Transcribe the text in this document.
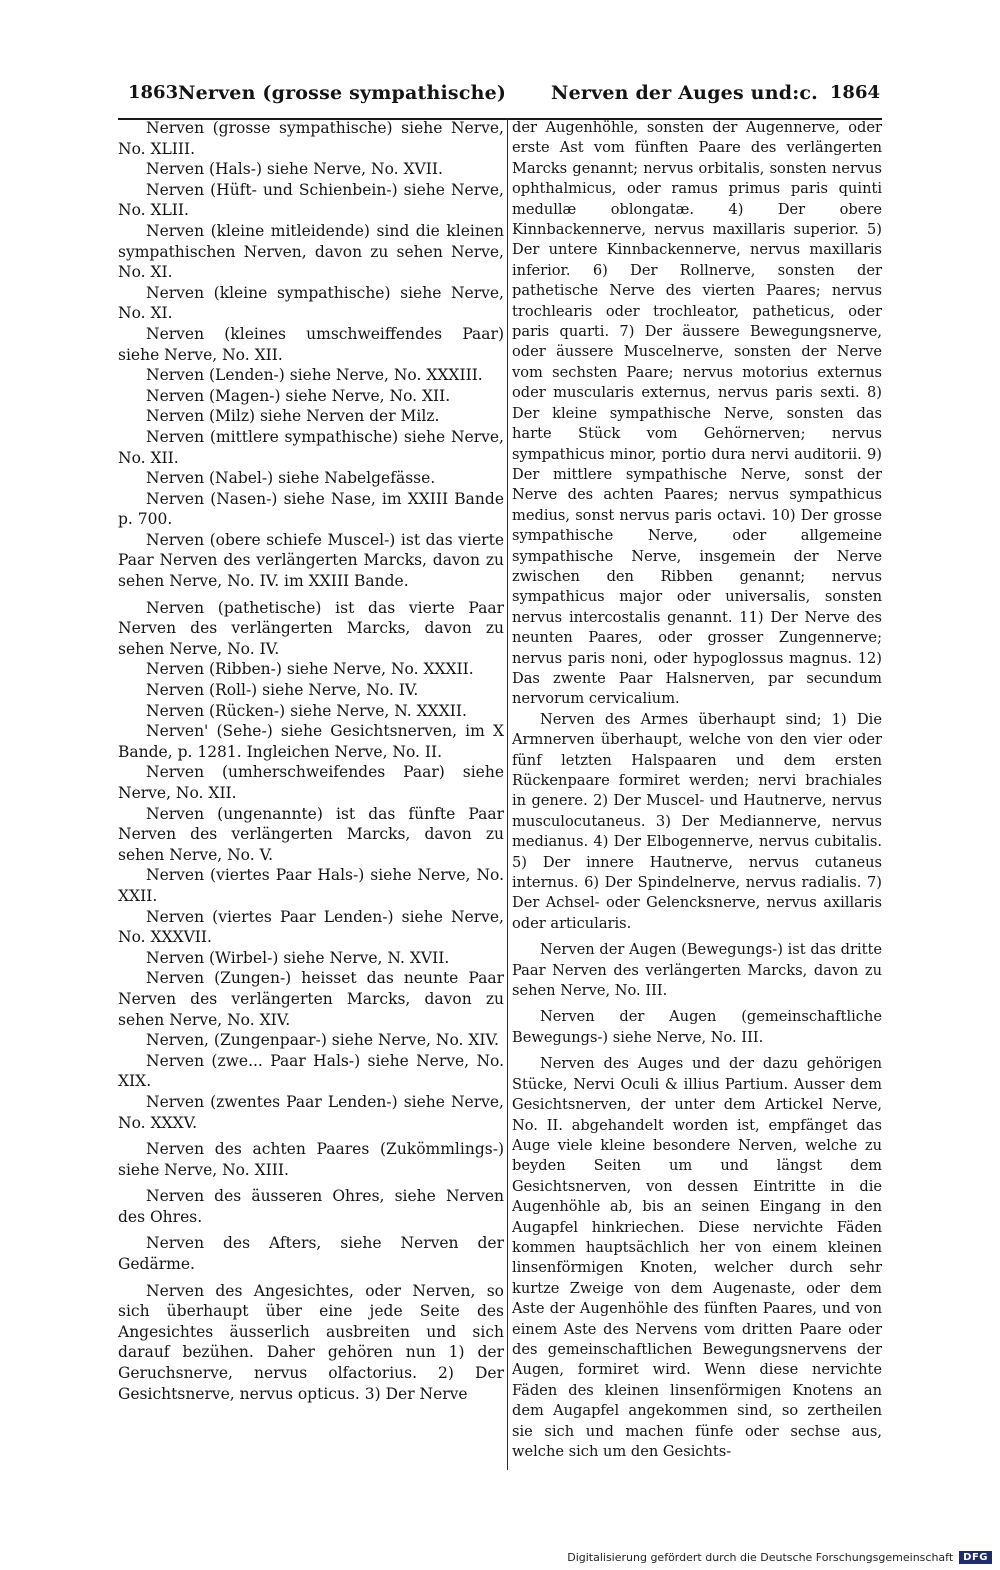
1863 Nerven (grosse sympathische) Nerven der Auges und:c. 1864

Nerven (grosse sympathische) siehe Nerve, No. XLIII.

Nerven (Hals-) siehe Nerve, No. XVII.

Nerven (Hüft- und Schienbein-) siehe Nerve, No. XLII.

Nerven (kleine mitleidende) sind die kleinen sympathischen Nerven, davon zu sehen Nerve, No. XI.

Nerven (kleine sympathische) siehe Nerve, No. XI.

Nerven (kleines umschweiffendes Paar) siehe Nerve, No. XII.

Nerven (Lenden-) siehe Nerve, No. XXXIII.

Nerven (Magen-) siehe Nerve, No. XII.

Nerven (Milz) siehe Nerven der Milz.

Nerven (mittlere sympathische) siehe Nerve, No. XII.

Nerven (Nabel-) siehe Nabelgefässe.

Nerven (Nasen-) siehe Nase, im XXIII Bande p. 700.

Nerven (obere schiefe Muscel-) ist das vierte Paar Nerven des verlängerten Marcks, davon zu sehen Nerve, No. IV. im XXIII Bande.

Nerven (pathetische) ist das vierte Paar Nerven des verlängerten Marcks, davon zu sehen Nerve, No. IV.

Nerven (Ribben-) siehe Nerve, No. XXXII.

Nerven (Roll-) siehe Nerve, No. IV.

Nerven (Rücken-) siehe Nerve, N. XXXII.

Nerven' (Sehe-) siehe Gesichtsnerven, im X Bande, p. 1281. Ingleichen Nerve, No. II.

Nerven (umherschweifendes Paar) siehe Nerve, No. XII.

Nerven (ungenannte) ist das fünfte Paar Nerven des verlängerten Marcks, davon zu sehen Nerve, No. V.

Nerven (viertes Paar Hals-) siehe Nerve, No. XXII.

Nerven (viertes Paar Lenden-) siehe Nerve, No. XXXVII.

Nerven (Wirbel-) siehe Nerve, N. XVII.

Nerven (Zungen-) heisset das neunte Paar Nerven des verlängerten Marcks, davon zu sehen Nerve, No. XIV.

Nerven, (Zungenpaar-) siehe Nerve, No. XIV.

Nerven (zwe... Paar Hals-) siehe Nerve, No. XIX.

Nerven (zwentes Paar Lenden-) siehe Nerve, No. XXXV.

Nerven des achten Paares (Zukömmlings-) siehe Nerve, No. XIII.

Nerven des äusseren Ohres, siehe Nerven des Ohres.

Nerven des Afters, siehe Nerven der Gedärme.

Nerven des Angesichtes, oder Nerven, so sich überhaupt über eine jede Seite des Angesichtes äusserlich ausbreiten und sich darauf bezühen. Daher gehören nun 1) der Geruchsnerve, nervus olfactorius. 2) Der Gesichtsnerve, nervus opticus. 3) Der Nerve

der Augenhöhle, sonsten der Augennerve, oder erste Ast vom fünften Paare des verlängerten Marcks genannt; nervus orbitalis, sonsten nervus ophthalmicus, oder ramus primus paris quinti medullæ oblongatæ. 4) Der obere Kinnbackennerve, nervus maxillaris superior. 5) Der untere Kinnbackennerve, nervus maxillaris inferior. 6) Der Rollnerve, sonsten der pathetische Nerve des vierten Paares; nervus trochlearis oder trochleator, patheticus, oder paris quarti. 7) Der äussere Bewegungsnerve, oder äussere Muscelnerve, sonsten der Nerve vom sechsten Paare; nervus motorius externus oder muscularis externus, nervus paris sexti. 8) Der kleine sympathische Nerve, sonsten das harte Stück vom Gehörnerven; nervus sympathicus minor, portio dura nervi auditorii. 9) Der mittlere sympathische Nerve, sonst der Nerve des achten Paares; nervus sympathicus medius, sonst nervus paris octavi. 10) Der grosse sympathische Nerve, oder allgemeine sympathische Nerve, insgemein der Nerve zwischen den Ribben genannt; nervus sympathicus major oder universalis, sonsten nervus intercostalis genannt. 11) Der Nerve des neunten Paares, oder grosser Zungennerve; nervus paris noni, oder hypoglossus magnus. 12) Das zwente Paar Halsnerven, par secundum nervorum cervicalium.

Nerven des Armes überhaupt sind; 1) Die Armnerven überhaupt, welche von den vier oder fünf letzten Halspaaren und dem ersten Rückenpaare formiret werden; nervi brachiales in genere. 2) Der Muscel- und Hautnerve, nervus musculocutaneus. 3) Der Mediannerve, nervus medianus. 4) Der Elbogennerve, nervus cubitalis. 5) Der innere Hautnerve, nervus cutaneus internus. 6) Der Spindelnerve, nervus radialis. 7) Der Achsel- oder Gelencksnerve, nervus axillaris oder articularis.

Nerven der Augen (Bewegungs-) ist das dritte Paar Nerven des verlängerten Marcks, davon zu sehen Nerve, No. III.

Nerven der Augen (gemeinschaftliche Bewegungs-) siehe Nerve, No. III.

Nerven des Auges und der dazu gehörigen Stücke, Nervi Oculi & illius Partium. Ausser dem Gesichtsnerven, der unter dem Artickel Nerve, No. II. abgehandelt worden ist, empfänget das Auge viele kleine besondere Nerven, welche zu beyden Seiten um und längst dem Gesichtsnerven, von dessen Eintritte in die Augenhöhle ab, bis an seinen Eingang in den Augapfel hinkriechen. Diese nervichte Fäden kommen hauptsächlich her von einem kleinen linsenförmigen Knoten, welcher durch sehr kurtze Zweige von dem Augenaste, oder dem Aste der Augenhöhle des fünften Paares, und von einem Aste des Nervens vom dritten Paare oder des gemeinschaftlichen Bewegungsnervens der Augen, formiret wird. Wenn diese nervichte Fäden des kleinen linsenförmigen Knotens an dem Augapfel angekommen sind, so zertheilen sie sich und machen fünfe oder sechse aus, welche sich um den Gesichts-

Digitalisierung gefördert durch die Deutsche Forschungsgemeinschaft	DFG
